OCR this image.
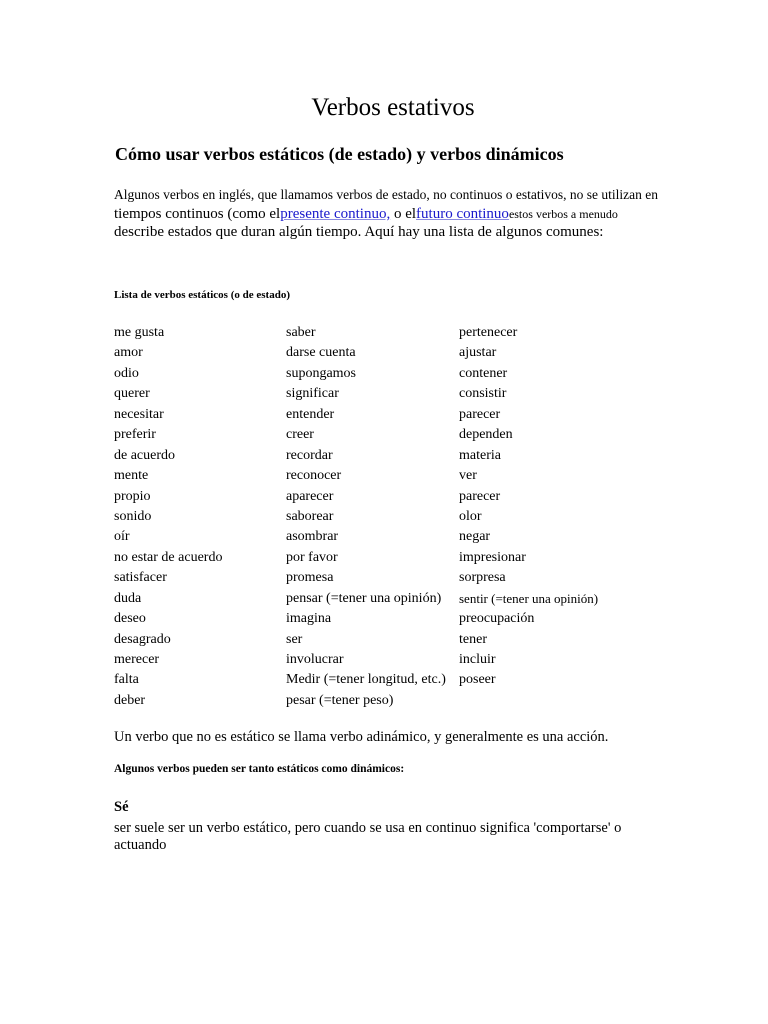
Verbos estativos
Cómo usar verbos estáticos (de estado) y verbos dinámicos
Algunos verbos en inglés, que llamamos verbos de estado, no continuos o estativos, no se utilizan en
tiempos continuos (como elpresente continuo, o elfuturo continuoestos verbos a menudo
describe estados que duran algún tiempo. Aquí hay una lista de algunos comunes:
Lista de verbos estáticos (o de estado)
me gusta
amor
odio
querer
necesitar
preferir
de acuerdo
mente
propio
sonido
oír
no estar de acuerdo
satisfacer
duda
deseo
desagrado
merecer
falta
deber
saber
darse cuenta
supongamos
significar
entender
creer
recordar
reconocer
aparecer
saborear
asombrar
por favor
promesa
pensar (=tener una opinión)
imagina
ser
involucrar
Medir (=tener longitud, etc.)
pesar (=tener peso)
pertenecer
ajustar
contener
consistir
parecer
dependen
materia
ver
parecer
olor
negar
impresionar
sorpresa
sentir (=tener una opinión)
preocupación
tener
incluir
poseer

Un verbo que no es estático se llama verbo adinámico, y generalmente es una acción.

Algunos verbos pueden ser tanto estáticos como dinámicos:

Sé

ser suele ser un verbo estático, pero cuando se usa en continuo significa 'comportarse' o actuando
